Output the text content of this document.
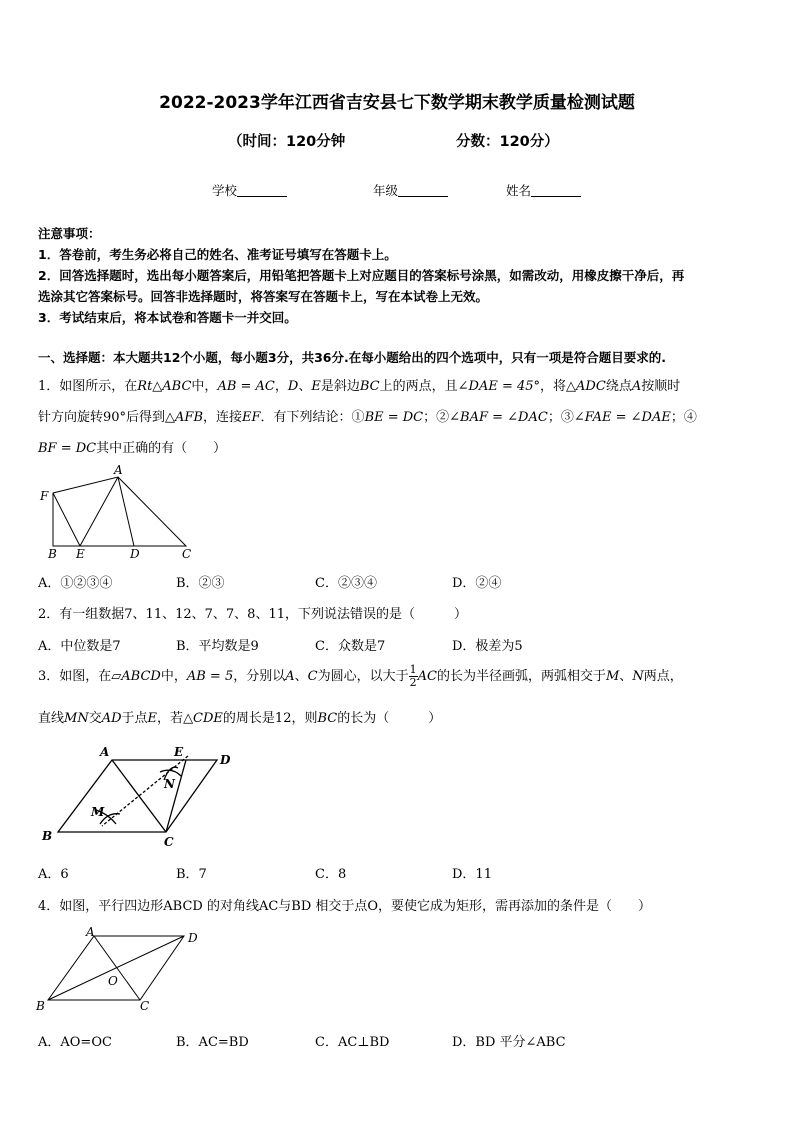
2022-2023学年江西省吉安县七下数学期末教学质量检测试题
（时间：120分钟	分数：120分）
学校	年级	姓名
注意事项：
1．答卷前，考生务必将自己的姓名、准考证号填写在答题卡上。
2．回答选择题时，选出每小题答案后，用铅笔把答题卡上对应题目的答案标号涂黑，如需改动，用橡皮擦干净后，再
选涂其它答案标号。回答非选择题时，将答案写在答题卡上，写在本试卷上无效。
3．考试结束后，将本试卷和答题卡一并交回。
一、选择题：本大题共12个小题，每小题3分，共36分.在每小题给出的四个选项中，只有一项是符合题目要求的.
1．如图所示，在Rt△ABC中，AB = AC，D、E是斜边BC上的两点，且∠DAE = 45°，将△ADC绕点A按顺时
针方向旋转90°后得到△AFB，连接EF．有下列结论：①BE = DC；②∠BAF = ∠DAC；③∠FAE = ∠DAE；④
BF = DC其中正确的有（　　）
A
F
B E	D	C
A．①②③④	B．②③	C．②③④	D．②④
2．有一组数据7、11、12、7、7、8、11，下列说法错误的是（　　　）
A．中位数是7	B．平均数是9	C．众数是7	D．极差为5
3．如图，在▱ABCD中，AB = 5，分别以A、C为圆心，以大于 $\frac{1}{2}$ AC的长为半径画弧，两弧相交于M、N两点，
直线MN交AD于点E，若△CDE的周长是12，则BC的长为（　　　）
A	E
D
N
M
B	C
A．6	B．7	C．8	D．11
4．如图，平行四边形ABCD 的对角线AC与BD 相交于点O，要使它成为矩形，需再添加的条件是（　　）
A	D
O
B	C
A．AO=OC	B．AC=BD	C．AC⊥BD	D．BD 平分∠ABC
